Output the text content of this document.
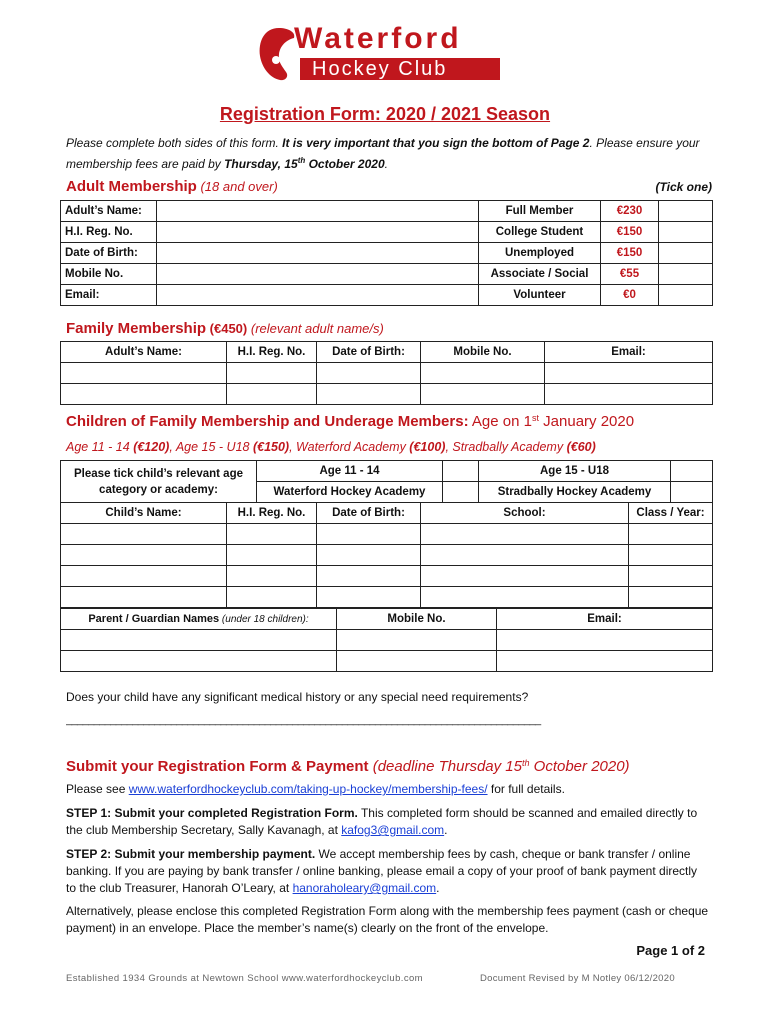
Waterford
Hockey Club
Registration Form: 2020 / 2021 Season
Please complete both sides of this form. It is very important that you sign the bottom of Page 2. Please ensure your membership fees are paid by Thursday, 15th October 2020.
Adult Membership (18 and over)	(Tick one)
Adult’s Name:		Full Member	€230	
H.I. Reg. No.		College Student	€150	
Date of Birth:		Unemployed	€150	
Mobile No.		Associate / Social	€55	
Email:		Volunteer	€0	
Family Membership (€450) (relevant adult name/s)
Adult’s Name:	H.I. Reg. No.	Date of Birth:	Mobile No.	Email:

Children of Family Membership and Underage Members: Age on 1st January 2020
Age 11 - 14 (€120), Age 15 - U18 (€150), Waterford Academy (€100), Stradbally Academy (€60)
Please tick child’s relevant age category or academy:	Age 11 - 14		Age 15 - U18	
	Waterford Hockey Academy		Stradbally Hockey Academy	
Child’s Name:	H.I. Reg. No.	Date of Birth:	School:	Class / Year:

Parent / Guardian Names (under 18 children):	Mobile No.	Email:

Does your child have any significant medical history or any special need requirements?
______________________________________________________________________________________
Submit your Registration Form & Payment (deadline Thursday 15th October 2020)
Please see www.waterfordhockeyclub.com/taking-up-hockey/membership-fees/ for full details.
STEP 1: Submit your completed Registration Form. This completed form should be scanned and emailed directly to the club Membership Secretary, Sally Kavanagh, at kafog3@gmail.com.
STEP 2: Submit your membership payment. We accept membership fees by cash, cheque or bank transfer / online banking. If you are paying by bank transfer / online banking, please email a copy of your proof of bank payment directly to the club Treasurer, Hanorah O’Leary, at hanoraholeary@gmail.com.
Alternatively, please enclose this completed Registration Form along with the membership fees payment (cash or cheque payment) in an envelope. Place the member’s name(s) clearly on the front of the envelope.
Page 1 of 2
Established 1934 Grounds at Newtown School www.waterfordhockeyclub.com	Document Revised by M Notley 06/12/2020
